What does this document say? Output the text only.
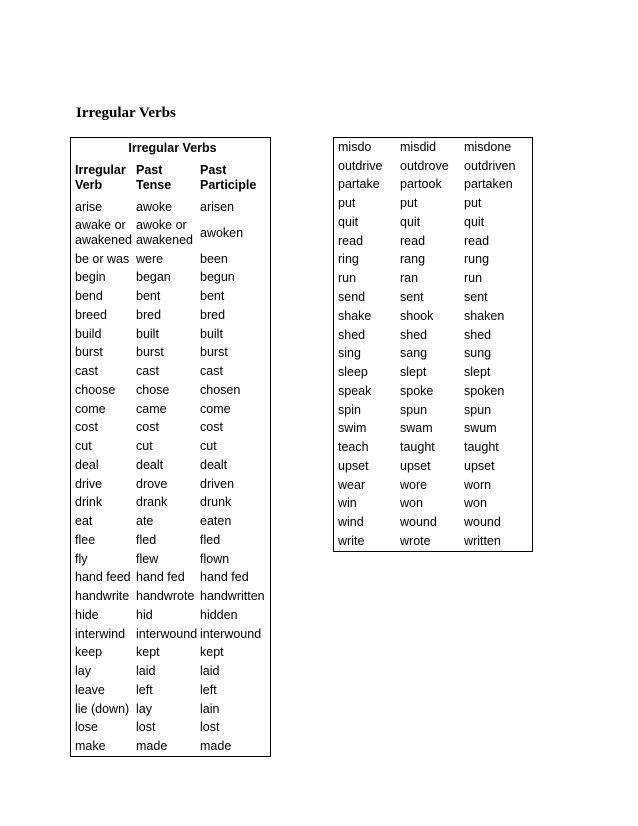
Irregular Verbs
Irregular Verbs		
Irregular Verb	Past Tense	Past Participle
arise	awoke	arisen
awake or awakened	awoke or awakened	awoken
be or was	were	been
begin	began	begun
bend	bent	bent
breed	bred	bred
build	built	built
burst	burst	burst
cast	cast	cast
choose	chose	chosen
come	came	come
cost	cost	cost
cut	cut	cut
deal	dealt	dealt
drive	drove	driven
drink	drank	drunk
eat	ate	eaten
flee	fled	fled
fly	flew	flown
hand feed	hand fed	hand fed
handwrite	handwrote	handwritten
hide	hid	hidden
interwind	interwound	interwound
keep	kept	kept
lay	laid	laid
leave	left	left
lie (down)	lay	lain
lose	lost	lost
make	made	made
misdo	misdid	misdone
outdrive	outdrove	outdriven
partake	partook	partaken
put	put	put
quit	quit	quit
read	read	read
ring	rang	rung
run	ran	run
send	sent	sent
shake	shook	shaken
shed	shed	shed
sing	sang	sung
sleep	slept	slept
speak	spoke	spoken
spin	spun	spun
swim	swam	swum
teach	taught	taught
upset	upset	upset
wear	wore	worn
win	won	won
wind	wound	wound
write	wrote	written
